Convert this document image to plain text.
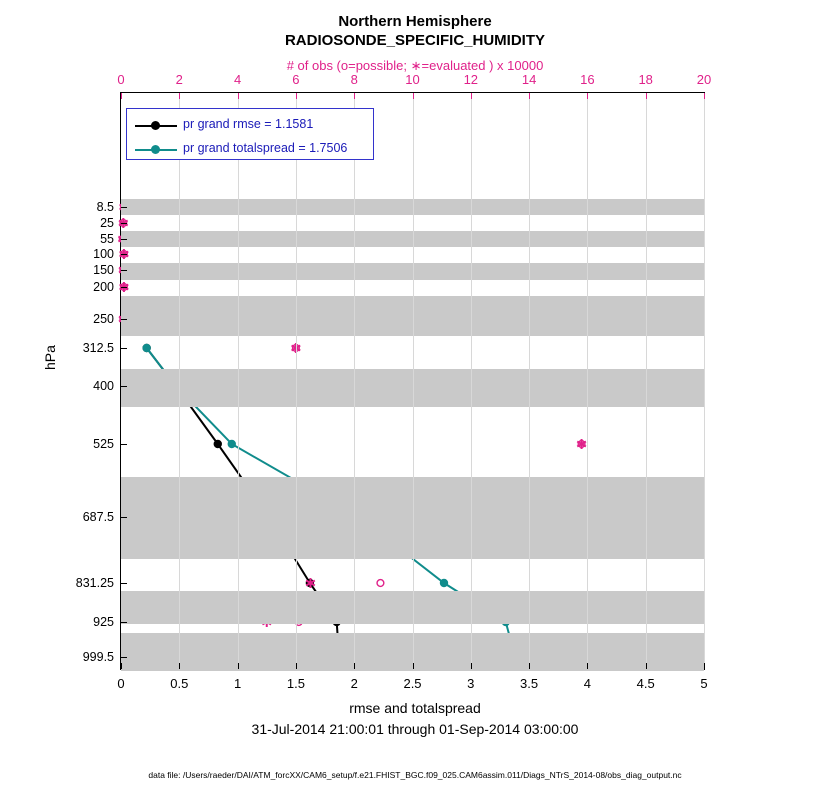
Northern Hemisphere
RADIOSONDE_SPECIFIC_HUMIDITY
# of obs (o=possible; ∗=evaluated ) x 10000
hPa
pr grand rmse = 1.1581
pr grand totalspread = 1.7506
rmse and totalspread
31-Jul-2014 21:00:01 through 01-Sep-2014 03:00:00
data file: /Users/raeder/DAI/ATM_forcXX/CAM6_setup/f.e21.FHIST_BGC.f09_025.CAM6assim.011/Diags_NTrS_2014-08/obs_diag_output.nc
0	0.5	1	1.5	2	2.5	3	3.5	4	4.5	5
0	2	4	6	8	10	12	14	16	18	20
8.5
25
55
100
150
200
250
312.5
400
525
687.5
831.25
925
999.5
